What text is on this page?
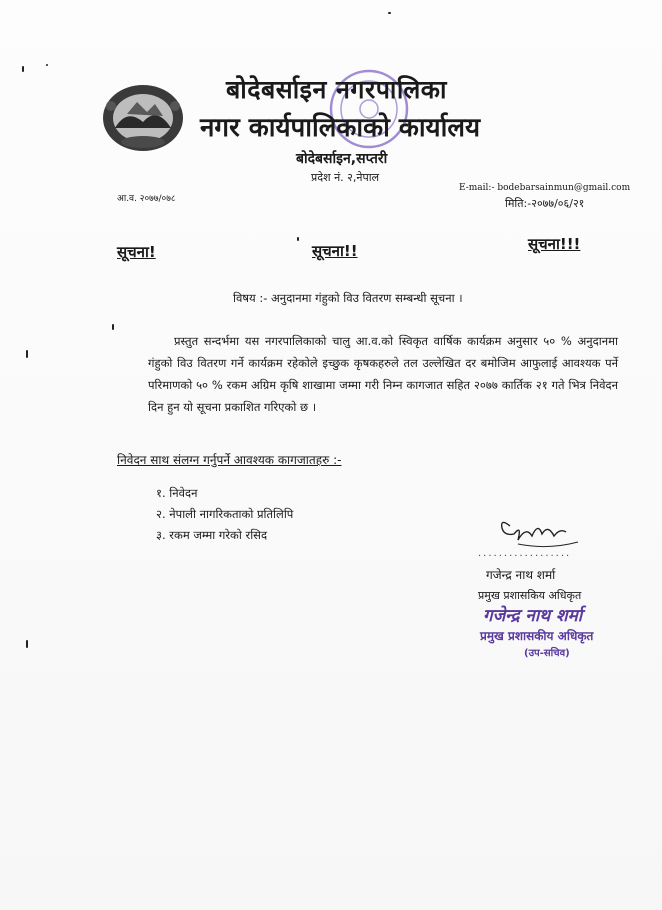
बोदेबर्साइन नगरपालिका
नगर कार्यपालिकाको कार्यालय
बोदेबर्साइन,सप्तरी
प्रदेश नं. २,नेपाल
आ.व. २०७७/०७८
E-mail:- bodebarsainmun@gmail.com
मिति:-२०७७/०६/२१
सूचना!	सूचना!!	सूचना!!!
विषय :- अनुदानमा गंहुको विउ वितरण सम्बन्धी सूचना ।
प्रस्तुत सन्दर्भमा यस नगरपालिकाको चालु आ.व.को स्विकृत वार्षिक कार्यक्रम अनुसार ५० % अनुदानमा गंहुको विउ वितरण गर्ने कार्यक्रम रहेकोले इच्छुक कृषकहरुले तल उल्लेखित दर बमोजिम आफुलाई आवश्यक पर्ने परिमाणको ५० % रकम अग्रिम कृषि शाखामा जम्मा गरी निम्न कागजात सहित २०७७ कार्तिक २१ गते भित्र निवेदन दिन हुन यो सूचना प्रकाशित गरिएको छ ।
निवेदन साथ संलग्न गर्नुपर्ने आवश्यक कागजातहरु :-
१. निवेदन
२. नेपाली नागरिकताको प्रतिलिपि
३. रकम जम्मा गरेको रसिद
..................
गजेन्द्र नाथ शर्मा
प्रमुख प्रशासकिय अधिकृत
गजेन्द्र नाथ शर्मा
प्रमुख प्रशासकीय अधिकृत
(उप-सचिव)
